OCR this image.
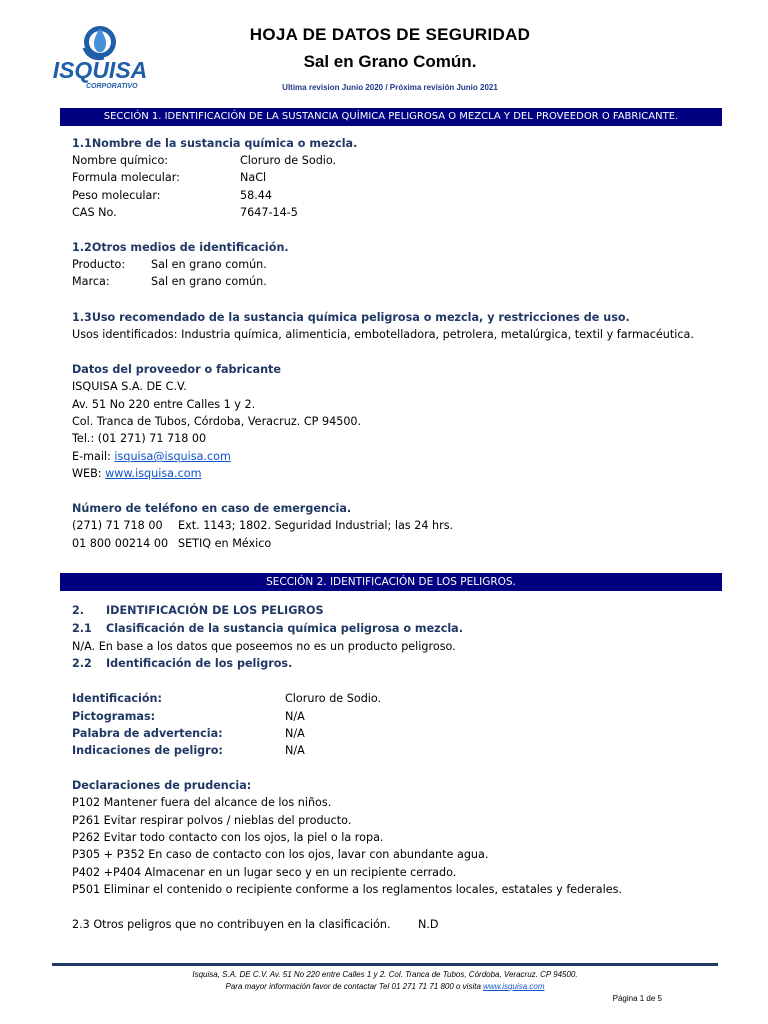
ISQUISA
CORPORATIVO
HOJA DE DATOS DE SEGURIDAD
Sal en Grano Común.
Ultima revision Junio 2020 / Próxima revisión Junio 2021
SECCIÓN 1. IDENTIFICACIÓN DE LA SUSTANCIA QUÍMICA PELIGROSA O MEZCLA Y DEL PROVEEDOR O FABRICANTE.
1.1Nombre de la sustancia química o mezcla.
Nombre químico:	Cloruro de Sodio.
Formula molecular:	NaCl
Peso molecular:	58.44
CAS No.	7647-14-5
1.2Otros medios de identificación.
Producto: Sal en grano común.
Marca:	Sal en grano común.
1.3Uso recomendado de la sustancia química peligrosa o mezcla, y restricciones de uso.
Usos identificados: Industria química, alimenticia, embotelladora, petrolera, metalúrgica, textil y farmacéutica.
Datos del proveedor o fabricante
ISQUISA S.A. DE C.V.
Av. 51 No 220 entre Calles 1 y 2.
Col. Tranca de Tubos, Córdoba, Veracruz. CP 94500.
Tel.: (01 271) 71 718 00
E-mail: isquisa@isquisa.com
WEB: www.isquisa.com
Número de teléfono en caso de emergencia.
(271) 71 718 00 Ext. 1143; 1802. Seguridad Industrial; las 24 hrs.
01 800 00214 00 SETIQ en México
SECCIÓN 2. IDENTIFICACIÓN DE LOS PELIGROS.
2. IDENTIFICACIÓN DE LOS PELIGROS
2.1 Clasificación de la sustancia química peligrosa o mezcla.
N/A. En base a los datos que poseemos no es un producto peligroso.
2.2 Identificación de los peligros.
Identificación:	Cloruro de Sodio.
Pictogramas:	N/A
Palabra de advertencia:	N/A
Indicaciones de peligro:	N/A
Declaraciones de prudencia:
P102 Mantener fuera del alcance de los niños.
P261 Evitar respirar polvos / nieblas del producto.
P262 Evitar todo contacto con los ojos, la piel o la ropa.
P305 + P352 En caso de contacto con los ojos, lavar con abundante agua.
P402 +P404 Almacenar en un lugar seco y en un recipiente cerrado.
P501 Eliminar el contenido o recipiente conforme a los reglamentos locales, estatales y federales.
2.3 Otros peligros que no contribuyen en la clasificación. N.D
Isquisa, S.A. DE C.V. Av. 51 No 220 entre Calles 1 y 2. Col. Tranca de Tubos, Córdoba, Veracruz. CP 94500.
Para mayor información favor de contactar Tel 01 271 71 71 800 o visita www.isquisa.com
Página 1 de 5
